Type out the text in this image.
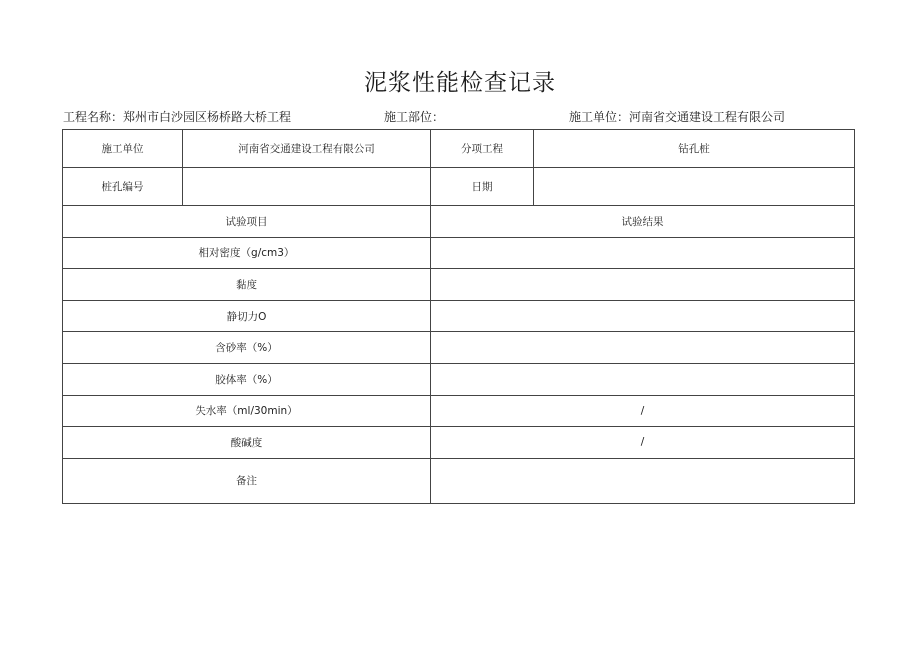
泥浆性能检查记录
工程名称：郑州市白沙园区杨桥路大桥工程	施工部位：	施工单位：河南省交通建设工程有限公司
施工单位	河南省交通建设工程有限公司	分项工程	钻孔桩
桩孔编号		日期	
试验项目		试验结果	
相对密度（g/cm3）			
黏度			
静切力O			
含砂率（%）			
胶体率（%）			
失水率（ml/30min）		/	
酸碱度		/	
备注			
